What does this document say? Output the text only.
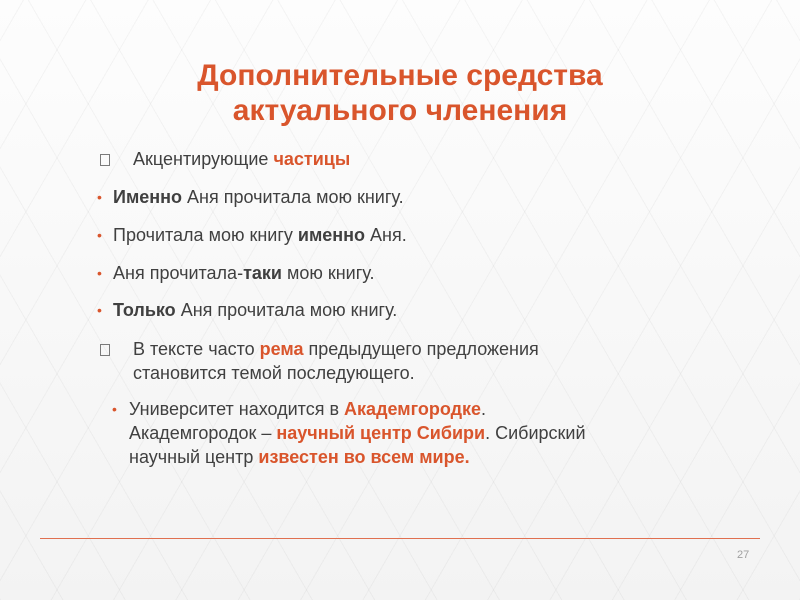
Дополнительные средства
актуального членения

Акцентирующие частицы

• Именно Аня прочитала мою книгу.

• Прочитала мою книгу именно Аня.

• Аня прочитала-таки мою книгу.

• Только Аня прочитала мою книгу.

В тексте часто рема предыдущего предложения
становится темой последующего.

• Университет находится в Академгородке.
Академгородок – научный центр Сибири. Сибирский
научный центр известен во всем мире.

27
